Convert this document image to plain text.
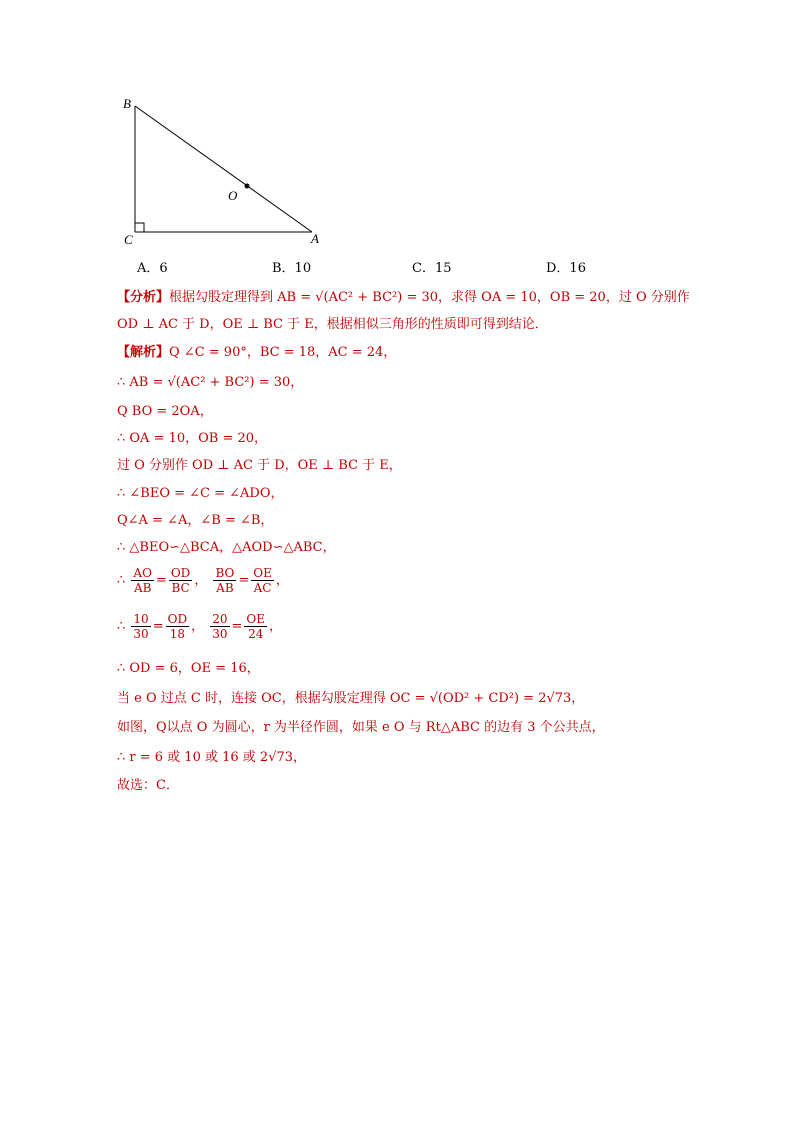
B
C	A
O
A．6	B．10	C．15	D．16
【分析】根据勾股定理得到 AB = √(AC² + BC²) = 30，求得 OA = 10，OB = 20，过 O 分别作
OD ⊥ AC 于 D，OE ⊥ BC 于 E，根据相似三角形的性质即可得到结论．
【解析】Q ∠C = 90°，BC = 18，AC = 24，
∴ AB = √(AC² + BC²) = 30，
Q BO = 2OA，
∴ OA = 10，OB = 20，
过 O 分别作 OD ⊥ AC 于 D，OE ⊥ BC 于 E，
∴ ∠BEO = ∠C = ∠ADO，
Q∠A = ∠A，∠B = ∠B，
∴ △BEO∽△BCA，△AOD∽△ABC，
∴ $\frac{AO}{AB} = \frac{OD}{BC}$ ， $\frac{BO}{AB} = \frac{OE}{AC}$ ，
∴ $\frac{10}{30} = \frac{OD}{18}$ ， $\frac{20}{30} = \frac{OE}{24}$ ，
∴ OD = 6，OE = 16，
当 e O 过点 C 时，连接 OC，根据勾股定理得 OC = √(OD² + CD²) = 2√73，
如图，Q以点 O 为圆心，r 为半径作圆，如果 e O 与 Rt△ABC 的边有 3 个公共点，
∴ r = 6 或 10 或 16 或 2√73，
故选：C．
